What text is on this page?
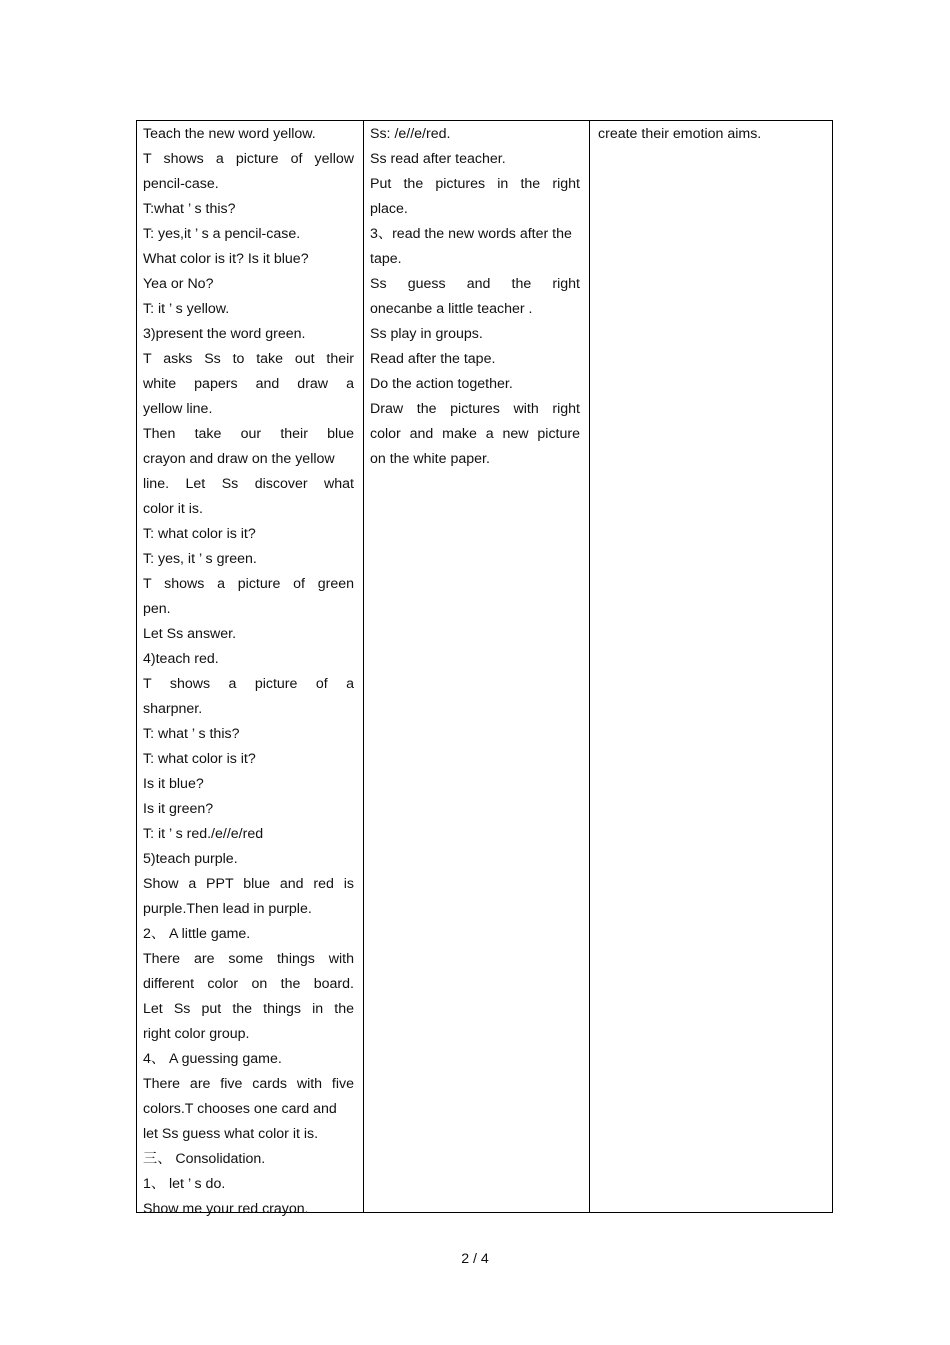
Teach the new word yellow.
T shows a picture of yellow
pencil-case.
T:what ’ s this?
T: yes,it ’ s a pencil-case.
What color is it? Is it blue?
Yea or No?
T: it ’ s yellow.
3)present the word green.
T asks Ss to take out their
white papers and draw a
yellow line.
Then take our their blue
crayon and draw on the yellow
line. Let Ss discover what
color it is.
T: what color is it?
T: yes, it ’ s green.
T shows a picture of green
pen.
Let Ss answer.
4)teach red.
T shows a picture of a
sharpner.
T: what ’ s this?
T: what color is it?
Is it blue?
Is it green?
T: it ’ s red./e//e/red
5)teach purple.
Show a PPT blue and red is
purple.Then lead in purple.
2、 A little game.
There are some things with
different color on the board.
Let Ss put the things in the
right color group.
4、 A guessing game.
There are five cards with five
colors.T chooses one card and
let Ss guess what color it is.
三、 Consolidation.
1、 let ’ s do.
Show me your red crayon.
Ss: /e//e/red.
Ss read after teacher.
Put the pictures in the right
place.
3、read the new words after the
tape.
Ss guess and the right
onecanbe a little teacher .
Ss play in groups.
Read after the tape.
Do the action together.
Draw the pictures with right
color and make a new picture
on the white paper.
create their emotion aims.
2 / 4
